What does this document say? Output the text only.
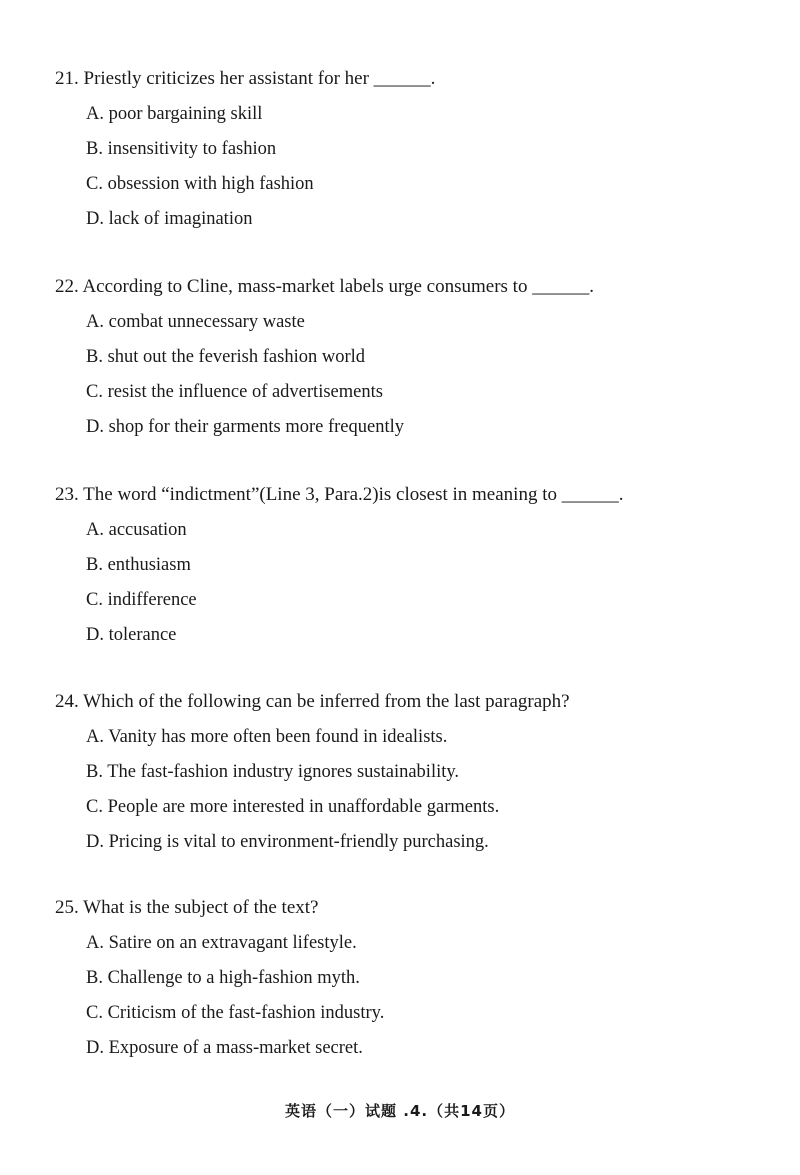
21. Priestly criticizes her assistant for her ______.
A. poor bargaining skill
B. insensitivity to fashion
C. obsession with high fashion
D. lack of imagination
22. According to Cline, mass-market labels urge consumers to ______.
A. combat unnecessary waste
B. shut out the feverish fashion world
C. resist the influence of advertisements
D. shop for their garments more frequently
23. The word “indictment”(Line 3, Para.2)is closest in meaning to ______.
A. accusation
B. enthusiasm
C. indifference
D. tolerance
24. Which of the following can be inferred from the last paragraph?
A. Vanity has more often been found in idealists.
B. The fast-fashion industry ignores sustainability.
C. People are more interested in unaffordable garments.
D. Pricing is vital to environment-friendly purchasing.
25. What is the subject of the text?
A. Satire on an extravagant lifestyle.
B. Challenge to a high-fashion myth.
C. Criticism of the fast-fashion industry.
D. Exposure of a mass-market secret.
英语（一）试题 .4.（共14页）
